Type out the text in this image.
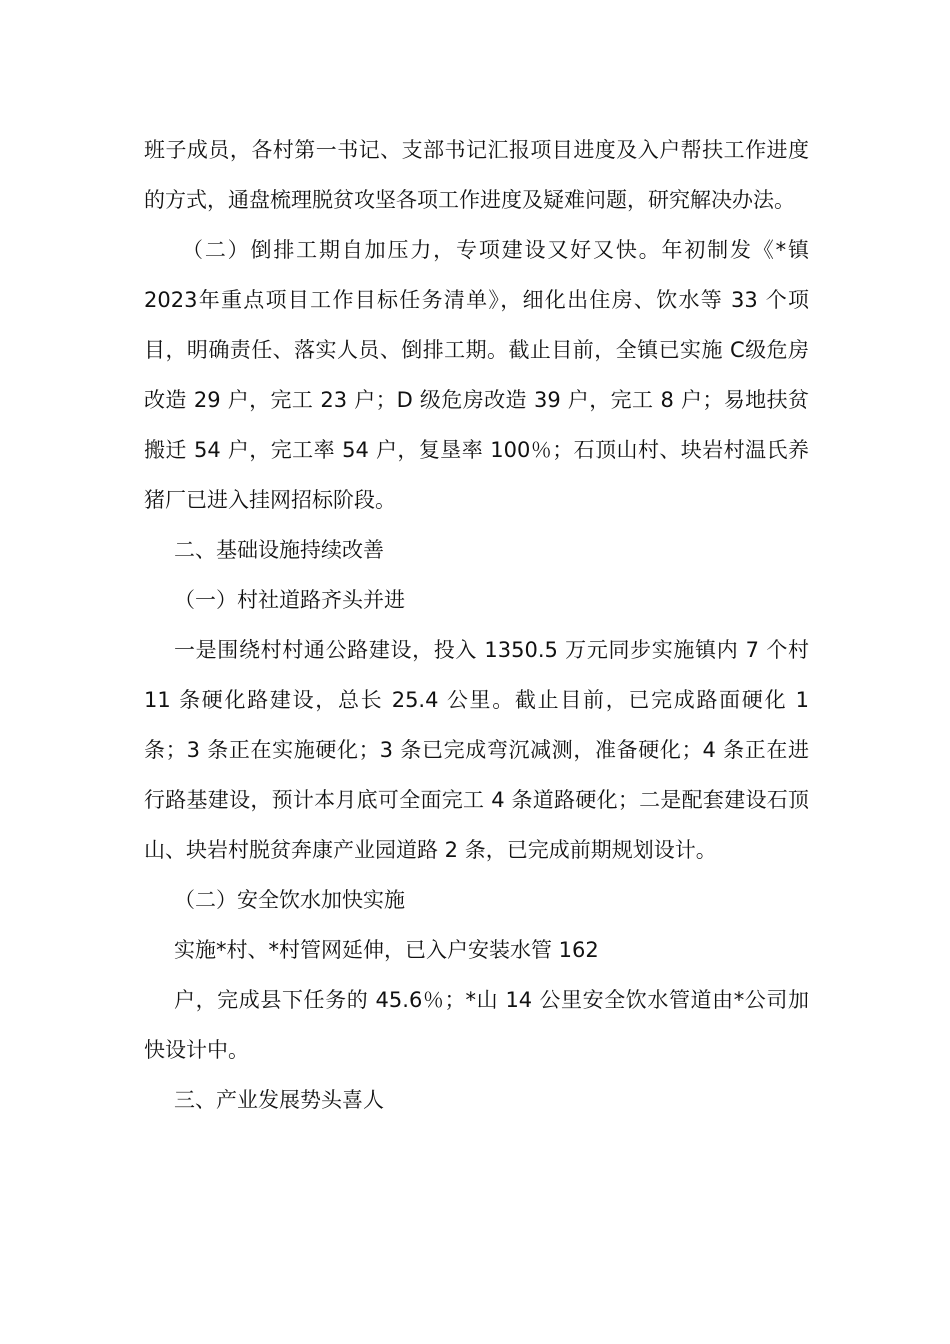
班子成员，各村第一书记、支部书记汇报项目进度及入户帮扶工作进度的方式，通盘梳理脱贫攻坚各项工作进度及疑难问题，研究解决办法。

（二）倒排工期自加压力，专项建设又好又快。年初制发《*镇2023年重点项目工作目标任务清单》，细化出住房、饮水等 33 个项目，明确责任、落实人员、倒排工期。截止目前，全镇已实施 C级危房改造 29 户，完工 23 户；D 级危房改造 39 户，完工 8 户；易地扶贫搬迁 54 户，完工率 54 户，复垦率 100％；石顶山村、块岩村温氏养猪厂已进入挂网招标阶段。

二、基础设施持续改善

（一）村社道路齐头并进

一是围绕村村通公路建设，投入 1350.5 万元同步实施镇内 7 个村 11 条硬化路建设，总长 25.4 公里。截止目前，已完成路面硬化 1 条；3 条正在实施硬化；3 条已完成弯沉减测，准备硬化；4 条正在进行路基建设，预计本月底可全面完工 4 条道路硬化；二是配套建设石顶山、块岩村脱贫奔康产业园道路 2 条，已完成前期规划设计。

（二）安全饮水加快实施

实施*村、*村管网延伸，已入户安装水管 162

户，完成县下任务的 45.6％；*山 14 公里安全饮水管道由*公司加快设计中。

三、产业发展势头喜人
